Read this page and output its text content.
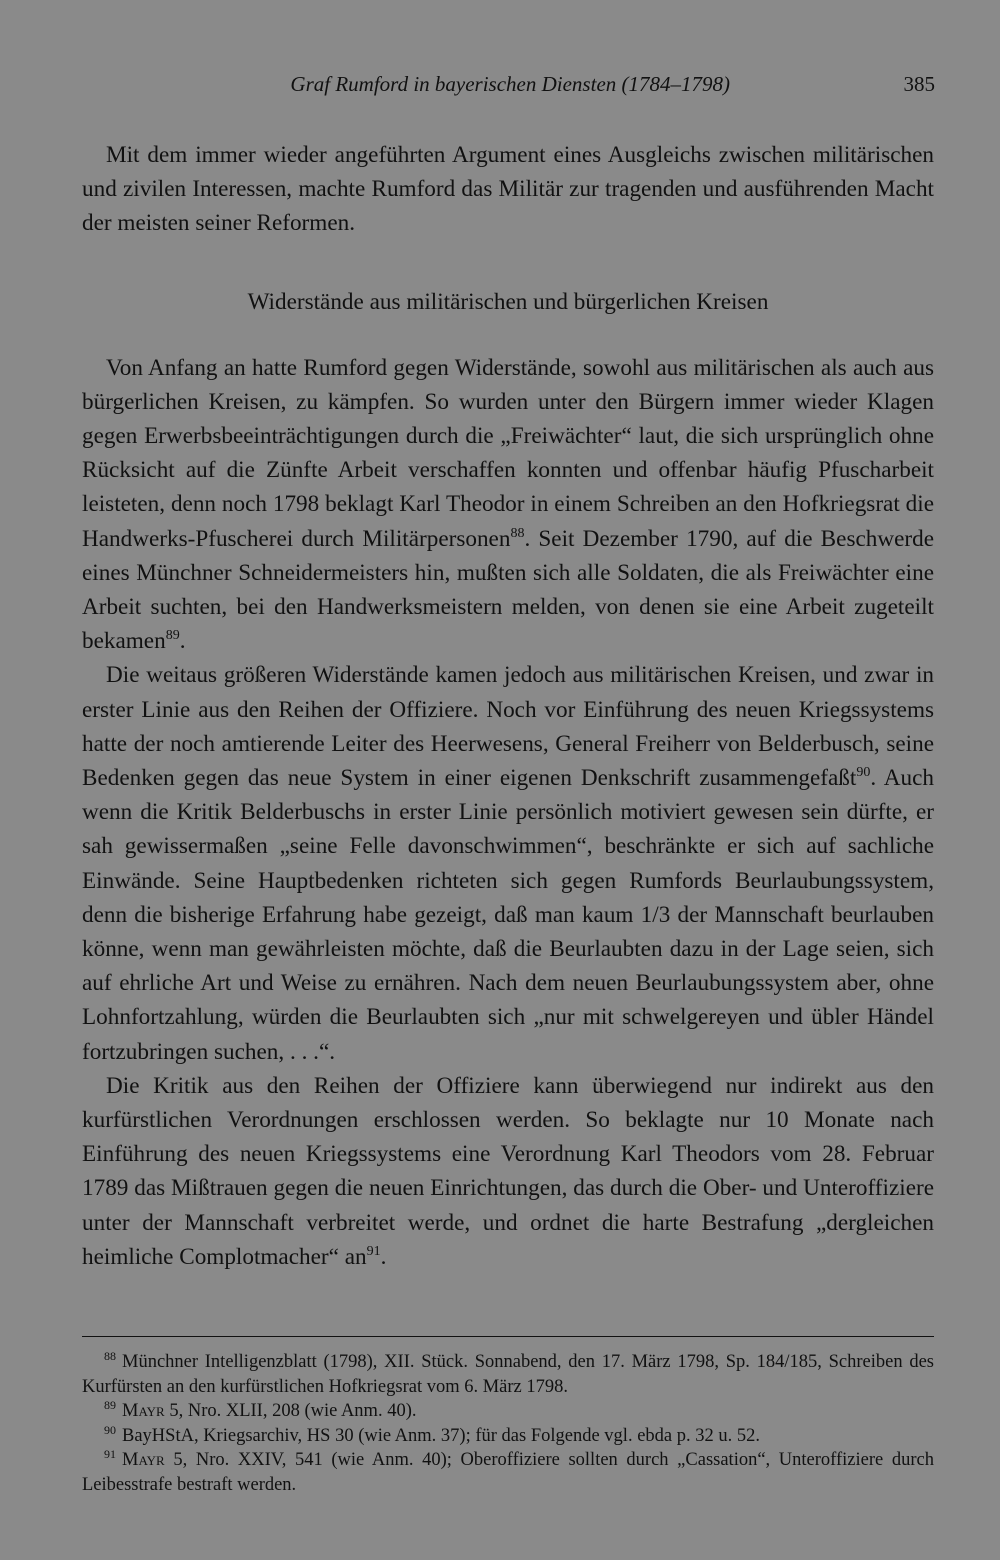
Graf Rumford in bayerischen Diensten (1784–1798)	385

Mit dem immer wieder angeführten Argument eines Ausgleichs zwischen militärischen und zivilen Interessen, machte Rumford das Militär zur tragenden und ausführenden Macht der meisten seiner Reformen.

Widerstände aus militärischen und bürgerlichen Kreisen

Von Anfang an hatte Rumford gegen Widerstände, sowohl aus militärischen als auch aus bürgerlichen Kreisen, zu kämpfen. So wurden unter den Bürgern immer wieder Klagen gegen Erwerbsbeeinträchtigungen durch die „Freiwächter“ laut, die sich ursprünglich ohne Rücksicht auf die Zünfte Arbeit verschaffen konnten und offenbar häufig Pfuscharbeit leisteten, denn noch 1798 beklagt Karl Theodor in einem Schreiben an den Hofkriegsrat die Handwerks-Pfuscherei durch Militärpersonen$^{88}$. Seit Dezember 1790, auf die Beschwerde eines Münchner Schneidermeisters hin, mußten sich alle Soldaten, die als Freiwächter eine Arbeit suchten, bei den Handwerksmeistern melden, von denen sie eine Arbeit zugeteilt bekamen$^{89}$.

Die weitaus größeren Widerstände kamen jedoch aus militärischen Kreisen, und zwar in erster Linie aus den Reihen der Offiziere. Noch vor Einführung des neuen Kriegssystems hatte der noch amtierende Leiter des Heerwesens, General Freiherr von Belderbusch, seine Bedenken gegen das neue System in einer eigenen Denkschrift zusammengefaßt$^{90}$. Auch wenn die Kritik Belderbuschs in erster Linie persönlich motiviert gewesen sein dürfte, er sah gewissermaßen „seine Felle davonschwimmen“, beschränkte er sich auf sachliche Einwände. Seine Hauptbedenken richteten sich gegen Rumfords Beurlaubungssystem, denn die bisherige Erfahrung habe gezeigt, daß man kaum 1/3 der Mannschaft beurlauben könne, wenn man gewährleisten möchte, daß die Beurlaubten dazu in der Lage seien, sich auf ehrliche Art und Weise zu ernähren. Nach dem neuen Beurlaubungssystem aber, ohne Lohnfortzahlung, würden die Beurlaubten sich „nur mit schwelgereyen und übler Händel fortzubringen suchen, . . .“.

Die Kritik aus den Reihen der Offiziere kann überwiegend nur indirekt aus den kurfürstlichen Verordnungen erschlossen werden. So beklagte nur 10 Monate nach Einführung des neuen Kriegssystems eine Verordnung Karl Theodors vom 28. Februar 1789 das Mißtrauen gegen die neuen Einrichtungen, das durch die Ober- und Unteroffiziere unter der Mannschaft verbreitet werde, und ordnet die harte Bestrafung „dergleichen heimliche Complotmacher“ $an^{91}$.

$^{88}$ Münchner Intelligenzblatt (1798), XII. Stück. Sonnabend, den 17. März 1798, Sp. 184/185, Schreiben des Kurfürsten an den kurfürstlichen Hofkriegsrat vom 6. März 1798.

$^{89}$ Mayr 5, Nro. XLII, 208 (wie Anm. 40).

$^{90}$ BayHStA, Kriegsarchiv, HS 30 (wie Anm. 37); für das Folgende vgl. ebda p. 32 u. 52.

$^{91}$ Mayr 5, Nro. XXIV, 541 (wie Anm. 40); Oberoffiziere sollten durch „Cassation“, Unteroffiziere durch Leibesstrafe bestraft werden.
